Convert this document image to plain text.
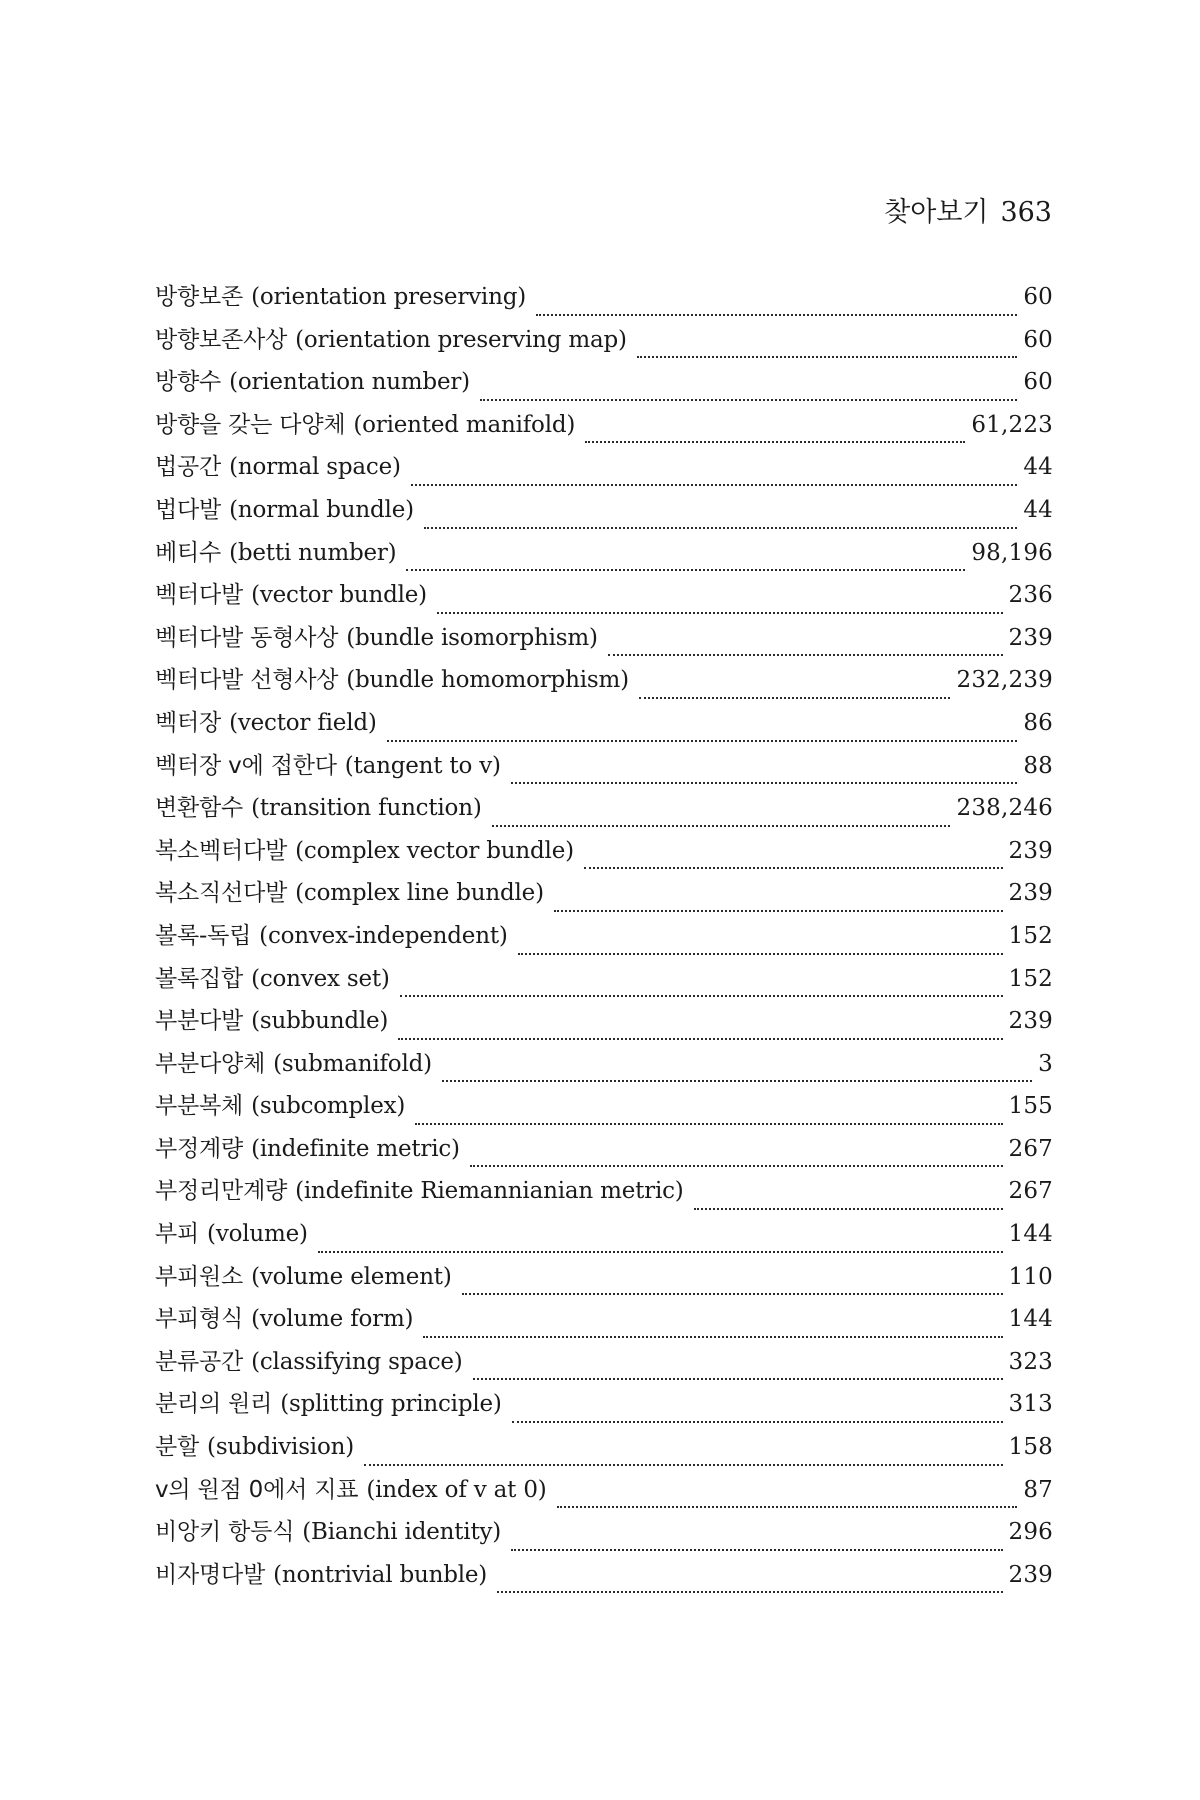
찾아보기 363
방향보존 (orientation preserving)	60
방향보존사상 (orientation preserving map)	60
방향수 (orientation number)	60
방향을 갖는 다양체 (oriented manifold)	61,223
법공간 (normal space)	44
법다발 (normal bundle)	44
베티수 (betti number)	98,196
벡터다발 (vector bundle)	236
벡터다발 동형사상 (bundle isomorphism)	239
벡터다발 선형사상 (bundle homomorphism)	232,239
벡터장 (vector field)	86
벡터장 v에 접한다 (tangent to v)	88
변환함수 (transition function)	238,246
복소벡터다발 (complex vector bundle)	239
복소직선다발 (complex line bundle)	239
볼록-독립 (convex-independent)	152
볼록집합 (convex set)	152
부분다발 (subbundle)	239
부분다양체 (submanifold)	3
부분복체 (subcomplex)	155
부정계량 (indefinite metric)	267
부정리만계량 (indefinite Riemannianian metric)	267
부피 (volume)	144
부피원소 (volume element)	110
부피형식 (volume form)	144
분류공간 (classifying space)	323
분리의 원리 (splitting principle)	313
분할 (subdivision)	158
v의 원점 0에서 지표 (index of v at 0)	87
비앙키 항등식 (Bianchi identity)	296
비자명다발 (nontrivial bunble)	239
